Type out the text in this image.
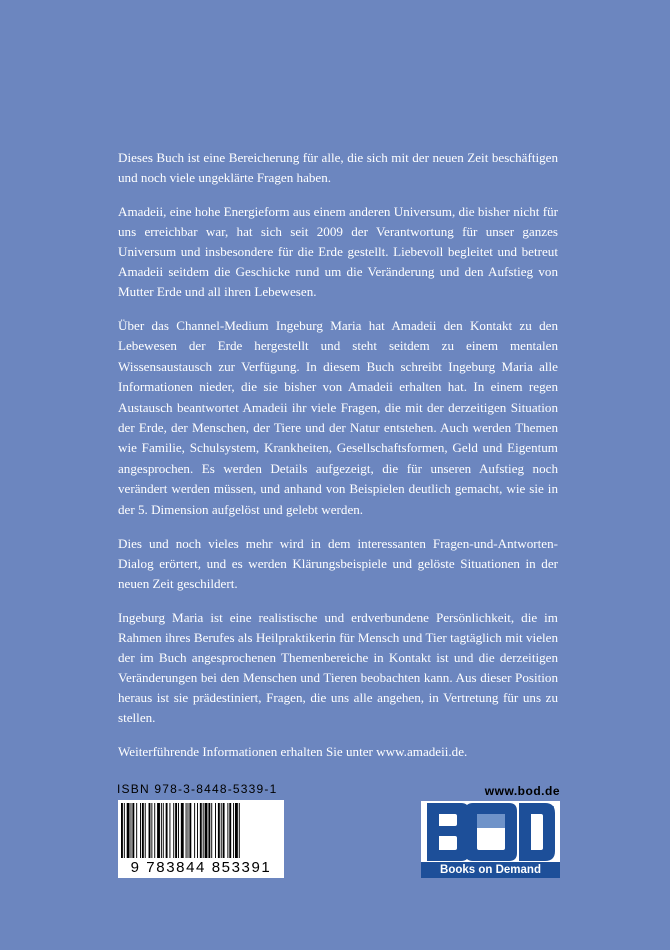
Dieses Buch ist eine Bereicherung für alle, die sich mit der neuen Zeit beschäftigen und noch viele ungeklärte Fragen haben.

Amadeii, eine hohe Energieform aus einem anderen Universum, die bisher nicht für uns erreichbar war, hat sich seit 2009 der Verantwortung für unser ganzes Universum und insbesondere für die Erde gestellt. Liebevoll begleitet und betreut Amadeii seitdem die Geschicke rund um die Veränderung und den Aufstieg von Mutter Erde und all ihren Lebewesen.

Über das Channel-Medium Ingeburg Maria hat Amadeii den Kontakt zu den Lebewesen der Erde hergestellt und steht seitdem zu einem mentalen Wissensaustausch zur Verfügung. In diesem Buch schreibt Ingeburg Maria alle Informationen nieder, die sie bisher von Amadeii erhalten hat. In einem regen Austausch beantwortet Amadeii ihr viele Fragen, die mit der derzeitigen Situation der Erde, der Menschen, der Tiere und der Natur entstehen. Auch werden Themen wie Familie, Schulsystem, Krankheiten, Gesellschaftsformen, Geld und Eigentum angesprochen. Es werden Details aufgezeigt, die für unseren Aufstieg noch verändert werden müssen, und anhand von Beispielen deutlich gemacht, wie sie in der 5. Dimension aufgelöst und gelebt werden.

Dies und noch vieles mehr wird in dem interessanten Fragen-und-Antworten-Dialog erörtert, und es werden Klärungsbeispiele und gelöste Situationen in der neuen Zeit geschildert.

Ingeburg Maria ist eine realistische und erdverbundene Persönlichkeit, die im Rahmen ihres Berufes als Heilpraktikerin für Mensch und Tier tagtäglich mit vielen der im Buch angesprochenen Themenbereiche in Kontakt ist und die derzeitigen Veränderungen bei den Menschen und Tieren beobachten kann. Aus dieser Position heraus ist sie prädestiniert, Fragen, die uns alle angehen, in Vertretung für uns zu stellen.

Weiterführende Informationen erhalten Sie unter www.amadeii.de.

ISBN 978-3-8448-5339-1
9 783844 853391
www.bod.de
TM
Books on Demand
